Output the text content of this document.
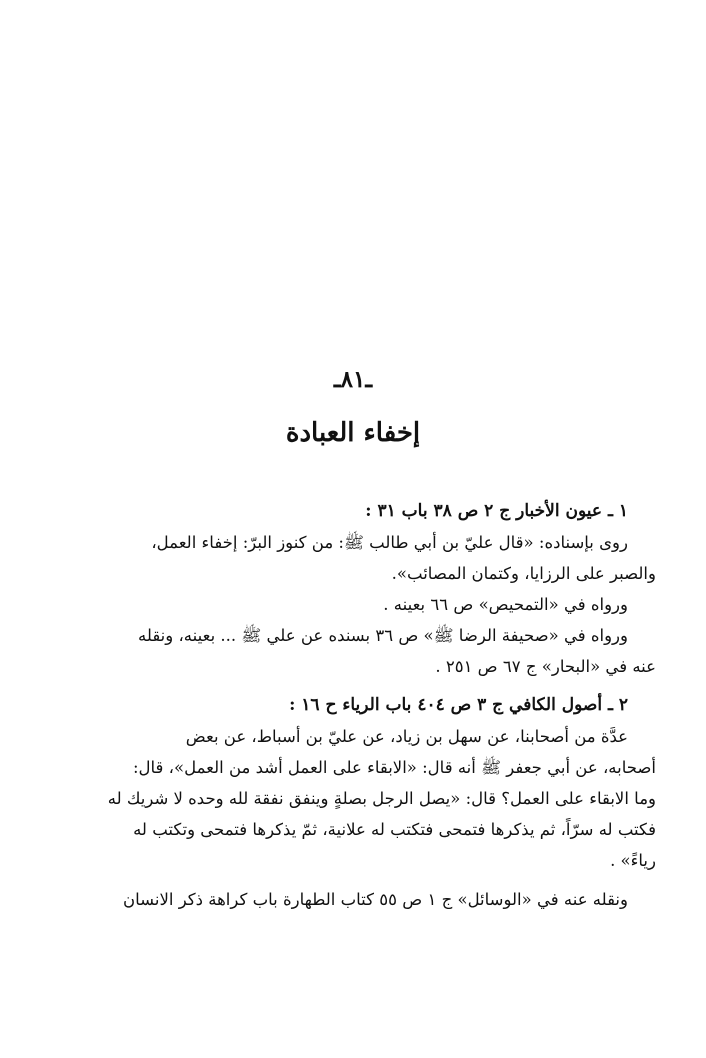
ـ٨١ـ
إخفاء العبادة
١ ـ عيون الأخبار ج ٢ ص ٣٨ باب ٣١ :
روى بإسناده: «قال عليّ بن أبي طالب ﷺ: من كنوز البرّ: إخفاء العمل،
والصبر على الرزايا، وكتمان المصائب».
ورواه في «التمحيص» ص ٦٦ بعينه .
ورواه في «صحيفة الرضا ﷺ» ص ٣٦ بسنده عن علي ﷺ ... بعينه، ونقله
عنه في «البحار» ج ٦٧ ص ٢٥١ .
٢ ـ أصول الكافي ج ٣ ص ٤٠٤ باب الرياء ح ١٦ :
عدَّة من أصحابنا، عن سهل بن زياد، عن عليّ بن أسباط، عن بعض
أصحابه، عن أبي جعفر ﷺ أنه قال: «الابقاء على العمل أشد من العمل»، قال:
وما الابقاء على العمل؟ قال: «يصل الرجل بصلةٍ وينفق نفقة لله وحده لا شريك له
فكتب له سرّاً، ثم يذكرها فتمحى فتكتب له علانية، ثمّ يذكرها فتمحى وتكتب له
رياءً» .
ونقله عنه في «الوسائل» ج ١ ص ٥٥ كتاب الطهارة باب كراهة ذكر الانسان
